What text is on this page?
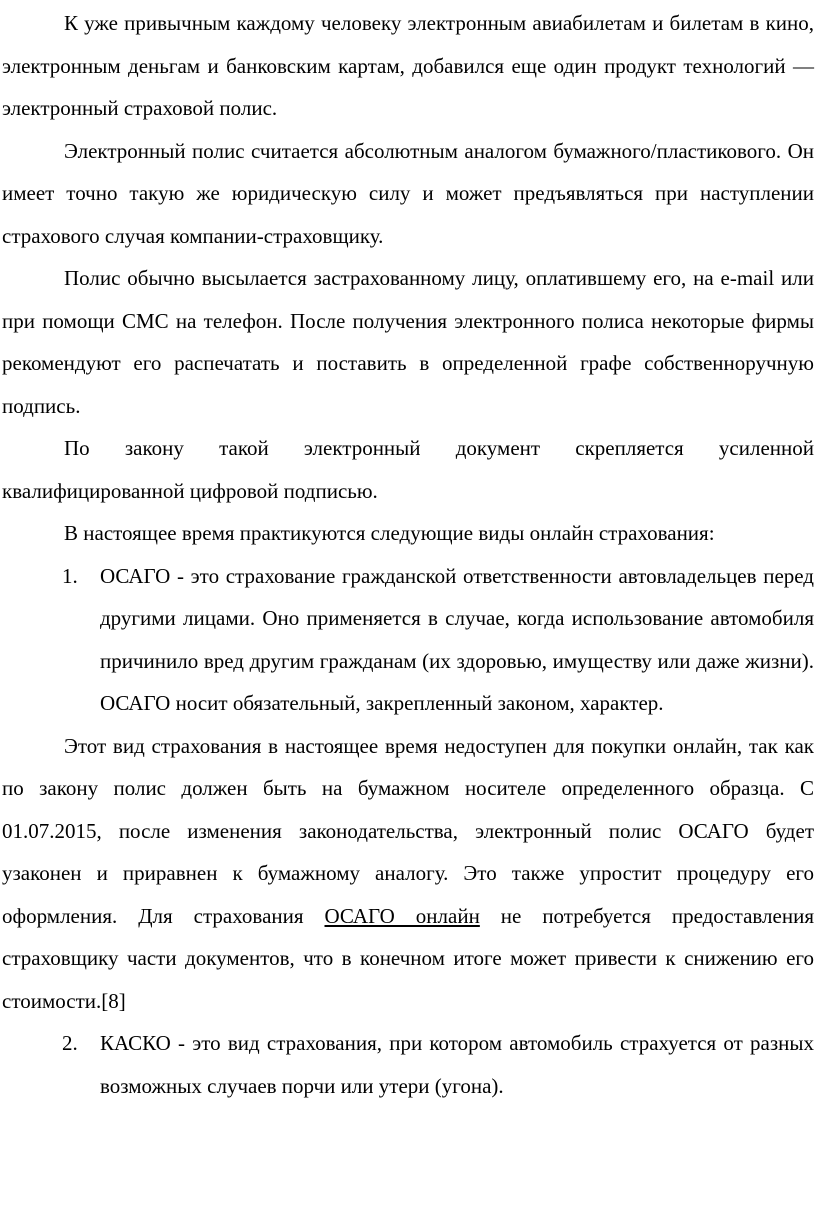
К уже привычным каждому человеку электронным авиабилетам и билетам в кино, электронным деньгам и банковским картам, добавился еще один продукт технологий — электронный страховой полис.

Электронный полис считается абсолютным аналогом бумажного/пластикового. Он имеет точно такую же юридическую силу и может предъявляться при наступлении страхового случая компании-страховщику.

Полис обычно высылается застрахованному лицу, оплатившему его, на e-mail или при помощи СМС на телефон. После получения электронного полиса некоторые фирмы рекомендуют его распечатать и поставить в определенной графе собственноручную подпись.

По закону такой электронный документ скрепляется усиленной квалифицированной цифровой подписью.

В настоящее время практикуются следующие виды онлайн страхования:

1.	ОСАГО - это страхование гражданской ответственности автовладельцев перед другими лицами. Оно применяется в случае, когда использование автомобиля причинило вред другим гражданам (их здоровью, имуществу или даже жизни). ОСАГО носит обязательный, закрепленный законом, характер.

Этот вид страхования в настоящее время недоступен для покупки онлайн, так как по закону полис должен быть на бумажном носителе определенного образца. С 01.07.2015, после изменения законодательства, электронный полис ОСАГО будет узаконен и приравнен к бумажному аналогу. Это также упростит процедуру его оформления. Для страхования ОСАГО онлайн не потребуется предоставления страховщику части документов, что в конечном итоге может привести к снижению его стоимости.[8]

2.	КАСКО - это вид страхования, при котором автомобиль страхуется от разных возможных случаев порчи или утери (угона).
